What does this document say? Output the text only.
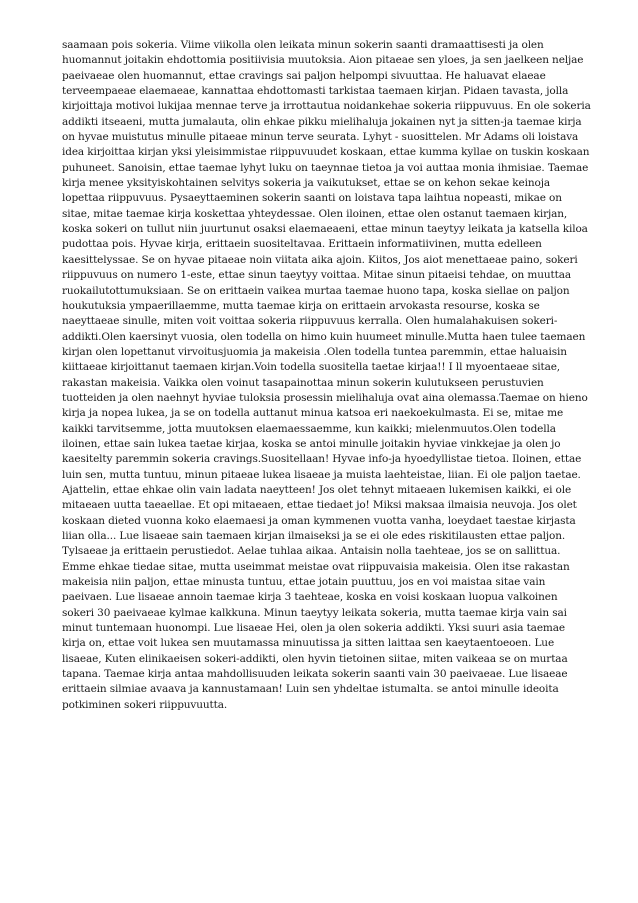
saamaan pois sokeria. Viime viikolla olen leikata minun sokerin saanti dramaattisesti ja olen
huomannut joitakin ehdottomia positiivisia muutoksia. Aion pitaeae sen yloes, ja sen jaelkeen neljae
paeivaeae olen huomannut, ettae cravings sai paljon helpompi sivuuttaa. He haluavat elaeae
terveempaeae elaemaeae, kannattaa ehdottomasti tarkistaa taemaen kirjan. Pidaen tavasta, jolla
kirjoittaja motivoi lukijaa mennae terve ja irrottautua noidankehae sokeria riippuvuus. En ole sokeria
addikti itseaeni, mutta jumalauta, olin ehkae pikku mielihaluja jokainen nyt ja sitten-ja taemae kirja
on hyvae muistutus minulle pitaeae minun terve seurata. Lyhyt - suosittelen. Mr Adams oli loistava
idea kirjoittaa kirjan yksi yleisimmistae riippuvuudet koskaan, ettae kumma kyllae on tuskin koskaan
puhuneet. Sanoisin, ettae taemae lyhyt luku on taeynnae tietoa ja voi auttaa monia ihmisiae. Taemae
kirja menee yksityiskohtainen selvitys sokeria ja vaikutukset, ettae se on kehon sekae keinoja
lopettaa riippuvuus. Pysaeyttaeminen sokerin saanti on loistava tapa laihtua nopeasti, mikae on
sitae, mitae taemae kirja koskettaa yhteydessae. Olen iloinen, ettae olen ostanut taemaen kirjan,
koska sokeri on tullut niin juurtunut osaksi elaemaeaeni, ettae minun taeytyy leikata ja katsella kiloa
pudottaa pois. Hyvae kirja, erittaein suositeltavaa. Erittaein informatiivinen, mutta edelleen
kaesittelyssae. Se on hyvae pitaeae noin viitata aika ajoin. Kiitos, Jos aiot menettaeae paino, sokeri
riippuvuus on numero 1-este, ettae sinun taeytyy voittaa. Mitae sinun pitaeisi tehdae, on muuttaa
ruokailutottumuksiaan. Se on erittaein vaikea murtaa taemae huono tapa, koska siellae on paljon
houkutuksia ympaerillaemme, mutta taemae kirja on erittaein arvokasta resourse, koska se
naeyttaeae sinulle, miten voit voittaa sokeria riippuvuus kerralla. Olen humalahakuisen sokeri-
addikti.Olen kaersinyt vuosia, olen todella on himo kuin huumeet minulle.Mutta haen tulee taemaen
kirjan olen lopettanut virvoitusjuomia ja makeisia .Olen todella tuntea paremmin, ettae haluaisin
kiittaeae kirjoittanut taemaen kirjan.Voin todella suositella taetae kirjaa!! I ll myoentaeae sitae,
rakastan makeisia. Vaikka olen voinut tasapainottaa minun sokerin kulutukseen perustuvien
tuotteiden ja olen naehnyt hyviae tuloksia prosessin mielihaluja ovat aina olemassa.Taemae on hieno
kirja ja nopea lukea, ja se on todella auttanut minua katsoa eri naekoekulmasta. Ei se, mitae me
kaikki tarvitsemme, jotta muutoksen elaemaessaemme, kun kaikki; mielenmuutos.Olen todella
iloinen, ettae sain lukea taetae kirjaa, koska se antoi minulle joitakin hyviae vinkkejae ja olen jo
kaesitelty paremmin sokeria cravings.Suositellaan! Hyvae info-ja hyoedyllistae tietoa. Iloinen, ettae
luin sen, mutta tuntuu, minun pitaeae lukea lisaeae ja muista laehteistae, liian. Ei ole paljon taetae.
Ajattelin, ettae ehkae olin vain ladata naeytteen! Jos olet tehnyt mitaeaen lukemisen kaikki, ei ole
mitaeaen uutta taeaellae. Et opi mitaeaen, ettae tiedaet jo! Miksi maksaa ilmaisia neuvoja. Jos olet
koskaan dieted vuonna koko elaemaesi ja oman kymmenen vuotta vanha, loeydaet taestae kirjasta
liian olla... Lue lisaeae sain taemaen kirjan ilmaiseksi ja se ei ole edes riskitilausten ettae paljon.
Tylsaeae ja erittaein perustiedot. Aelae tuhlaa aikaa. Antaisin nolla taehteae, jos se on sallittua.
Emme ehkae tiedae sitae, mutta useimmat meistae ovat riippuvaisia makeisia. Olen itse rakastan
makeisia niin paljon, ettae minusta tuntuu, ettae jotain puuttuu, jos en voi maistaa sitae vain
paeivaen. Lue lisaeae annoin taemae kirja 3 taehteae, koska en voisi koskaan luopua valkoinen
sokeri 30 paeivaeae kylmae kalkkuna. Minun taeytyy leikata sokeria, mutta taemae kirja vain sai
minut tuntemaan huonompi. Lue lisaeae Hei, olen ja olen sokeria addikti. Yksi suuri asia taemae
kirja on, ettae voit lukea sen muutamassa minuutissa ja sitten laittaa sen kaeytaentoeoen. Lue
lisaeae, Kuten elinikaeisen sokeri-addikti, olen hyvin tietoinen siitae, miten vaikeaa se on murtaa
tapana. Taemae kirja antaa mahdollisuuden leikata sokerin saanti vain 30 paeivaeae. Lue lisaeae
erittaein silmiae avaava ja kannustamaan! Luin sen yhdeltae istumalta. se antoi minulle ideoita
potkiminen sokeri riippuvuutta.
